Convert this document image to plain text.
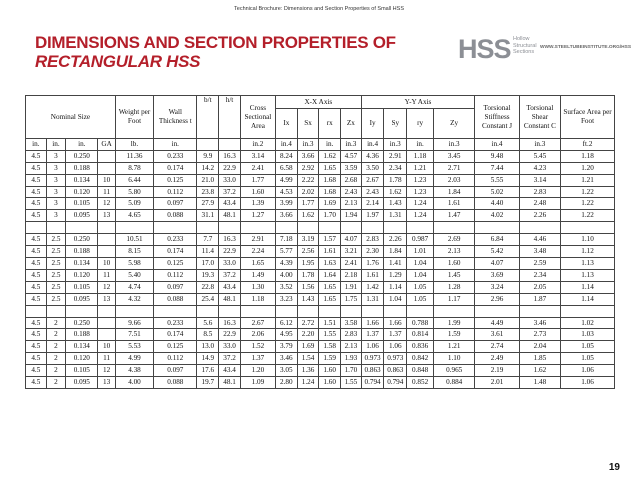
Technical Brochure: Dimensions and Section Properties of Small HSS
DIMENSIONS AND SECTION PROPERTIES OF
RECTANGULAR HSS	HSS Hollow
Structural
Sections
WWW.STEELTUBEINSTITUTE.ORG/HSS
Nominal Size				Weight per Foot	Wall Thickness t	b/t	h/t	Cross Sectional Area	X-X Axis				Y-Y Axis				Torsional Stiffness Constant J	Torsional Shear Constant C	Surface Area per Foot
									Ix	Sx	rx	Zx	Iy	Sy	ry	Zy			
in.	in.	in.	GA	lb.	in.			in.2	in.4	in.3	in.	in.3	in.4	in.3	in.	in.3	in.4	in.3	ft.2
4.5	3	0.250		11.36	0.233	9.9	16.3	3.14	8.24	3.66	1.62	4.57	4.36	2.91	1.18	3.45	9.48	5.45	1.18
4.5	3	0.188		8.78	0.174	14.2	22.9	2.41	6.58	2.92	1.65	3.59	3.50	2.34	1.21	2.71	7.44	4.23	1.20
4.5	3	0.134	10	6.44	0.125	21.0	33.0	1.77	4.99	2.22	1.68	2.68	2.67	1.78	1.23	2.03	5.55	3.14	1.21
4.5	3	0.120	11	5.80	0.112	23.8	37.2	1.60	4.53	2.02	1.68	2.43	2.43	1.62	1.23	1.84	5.02	2.83	1.22
4.5	3	0.105	12	5.09	0.097	27.9	43.4	1.39	3.99	1.77	1.69	2.13	2.14	1.43	1.24	1.61	4.40	2.48	1.22
4.5	3	0.095	13	4.65	0.088	31.1	48.1	1.27	3.66	1.62	1.70	1.94	1.97	1.31	1.24	1.47	4.02	2.26	1.22

4.5	2.5	0.250		10.51	0.233	7.7	16.3	2.91	7.18	3.19	1.57	4.07	2.83	2.26	0.987	2.69	6.84	4.46	1.10
4.5	2.5	0.188		8.15	0.174	11.4	22.9	2.24	5.77	2.56	1.61	3.21	2.30	1.84	1.01	2.13	5.42	3.48	1.12
4.5	2.5	0.134	10	5.98	0.125	17.0	33.0	1.65	4.39	1.95	1.63	2.41	1.76	1.41	1.04	1.60	4.07	2.59	1.13
4.5	2.5	0.120	11	5.40	0.112	19.3	37.2	1.49	4.00	1.78	1.64	2.18	1.61	1.29	1.04	1.45	3.69	2.34	1.13
4.5	2.5	0.105	12	4.74	0.097	22.8	43.4	1.30	3.52	1.56	1.65	1.91	1.42	1.14	1.05	1.28	3.24	2.05	1.14
4.5	2.5	0.095	13	4.32	0.088	25.4	48.1	1.18	3.23	1.43	1.65	1.75	1.31	1.04	1.05	1.17	2.96	1.87	1.14

4.5	2	0.250		9.66	0.233	5.6	16.3	2.67	6.12	2.72	1.51	3.58	1.66	1.66	0.788	1.99	4.49	3.46	1.02
4.5	2	0.188		7.51	0.174	8.5	22.9	2.06	4.95	2.20	1.55	2.83	1.37	1.37	0.814	1.59	3.61	2.73	1.03
4.5	2	0.134	10	5.53	0.125	13.0	33.0	1.52	3.79	1.69	1.58	2.13	1.06	1.06	0.836	1.21	2.74	2.04	1.05
4.5	2	0.120	11	4.99	0.112	14.9	37.2	1.37	3.46	1.54	1.59	1.93	0.973	0.973	0.842	1.10	2.49	1.85	1.05
4.5	2	0.105	12	4.38	0.097	17.6	43.4	1.20	3.05	1.36	1.60	1.70	0.863	0.863	0.848	0.965	2.19	1.62	1.06
4.5	2	0.095	13	4.00	0.088	19.7	48.1	1.09	2.80	1.24	1.60	1.55	0.794	0.794	0.852	0.884	2.01	1.48	1.06
19
